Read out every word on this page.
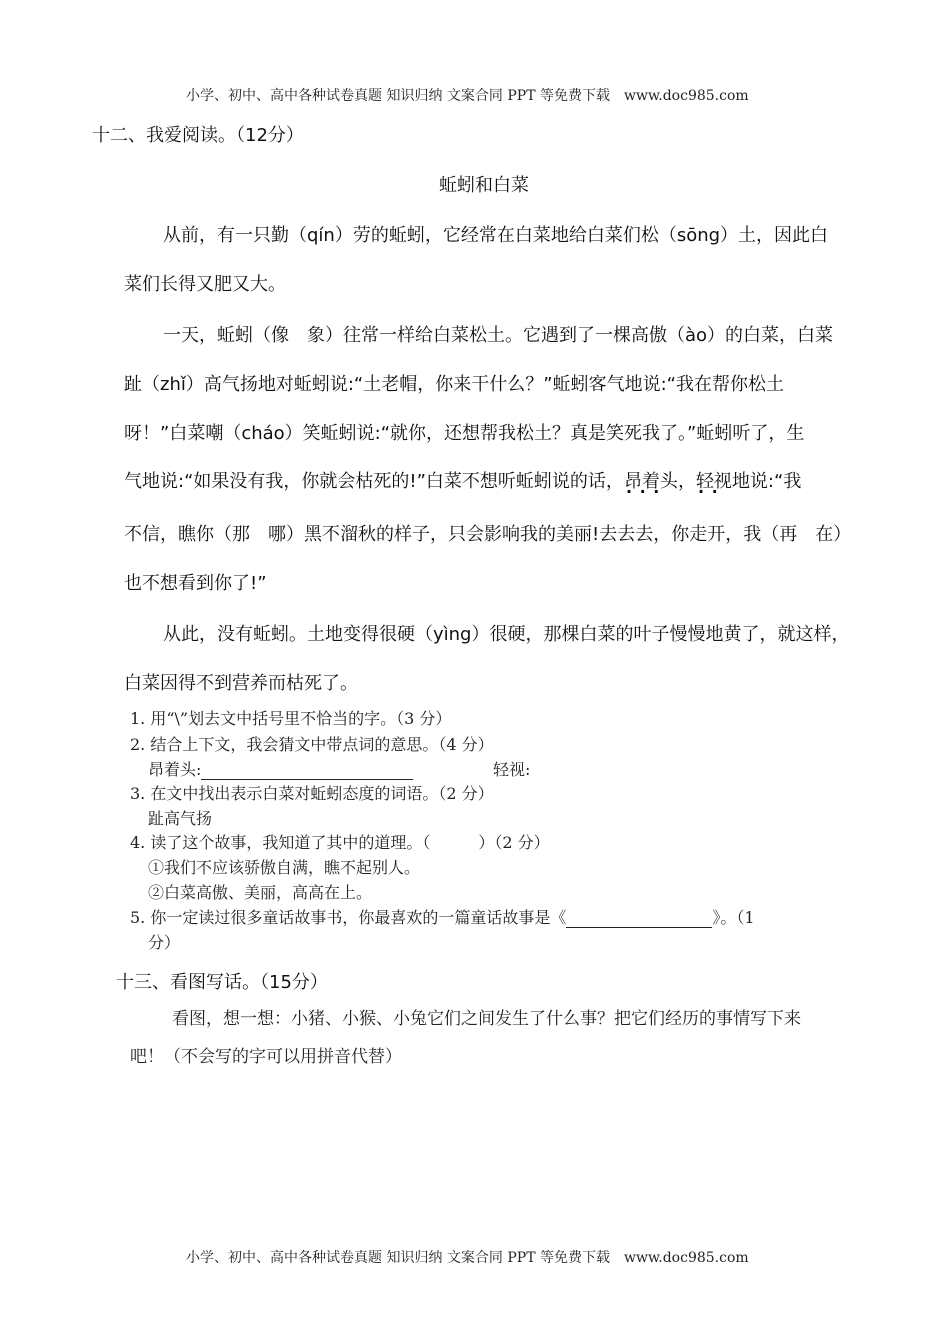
小学、初中、高中各种试卷真题 知识归纳 文案合同 PPT 等免费下载　www.doc985.com
十二、我爱阅读。（12分）
蚯蚓和白菜
从前，有一只勤（qín）劳的蚯蚓，它经常在白菜地给白菜们松（sōng）土，因此白
菜们长得又肥又大。
一天，蚯蚓（像　象）往常一样给白菜松土。它遇到了一棵高傲（ào）的白菜，白菜
趾（zhǐ）高气扬地对蚯蚓说:“土老帽，你来干什么？”蚯蚓客气地说:“我在帮你松土
呀！”白菜嘲（cháo）笑蚯蚓说:“就你，还想帮我松土？真是笑死我了。”蚯蚓听了，生
气地说:“如果没有我，你就会枯死的!”白菜不想听蚯蚓说的话，昂着头 · · ·，轻视 · ·地说:“我
不信，瞧你（那　哪）黑不溜秋的样子，只会影响我的美丽!去去去，你走开，我（再　在）
也不想看到你了!”
从此，没有蚯蚓。土地变得很硬（yìng）很硬，那棵白菜的叶子慢慢地黄了，就这样，
白菜因得不到营养而枯死了。
1. 用“\”划去文中括号里不恰当的字。（3 分）
2. 结合上下文，我会猜文中带点词的意思。（4 分）
昂着头:	轻视:
3. 在文中找出表示白菜对蚯蚓态度的词语。（2 分）
趾高气扬
4. 读了这个故事，我知道了其中的道理。（　　　）（2 分）
①我们不应该骄傲自满，瞧不起别人。
②白菜高傲、美丽，高高在上。
5. 你一定读过很多童话故事书，你最喜欢的一篇童话故事是《	》。（1
分）
十三、看图写话。（15分）
看图，想一想：小猪、小猴、小兔它们之间发生了什么事？把它们经历的事情写下来
吧！（不会写的字可以用拼音代替）
小学、初中、高中各种试卷真题 知识归纳 文案合同 PPT 等免费下载　www.doc985.com
